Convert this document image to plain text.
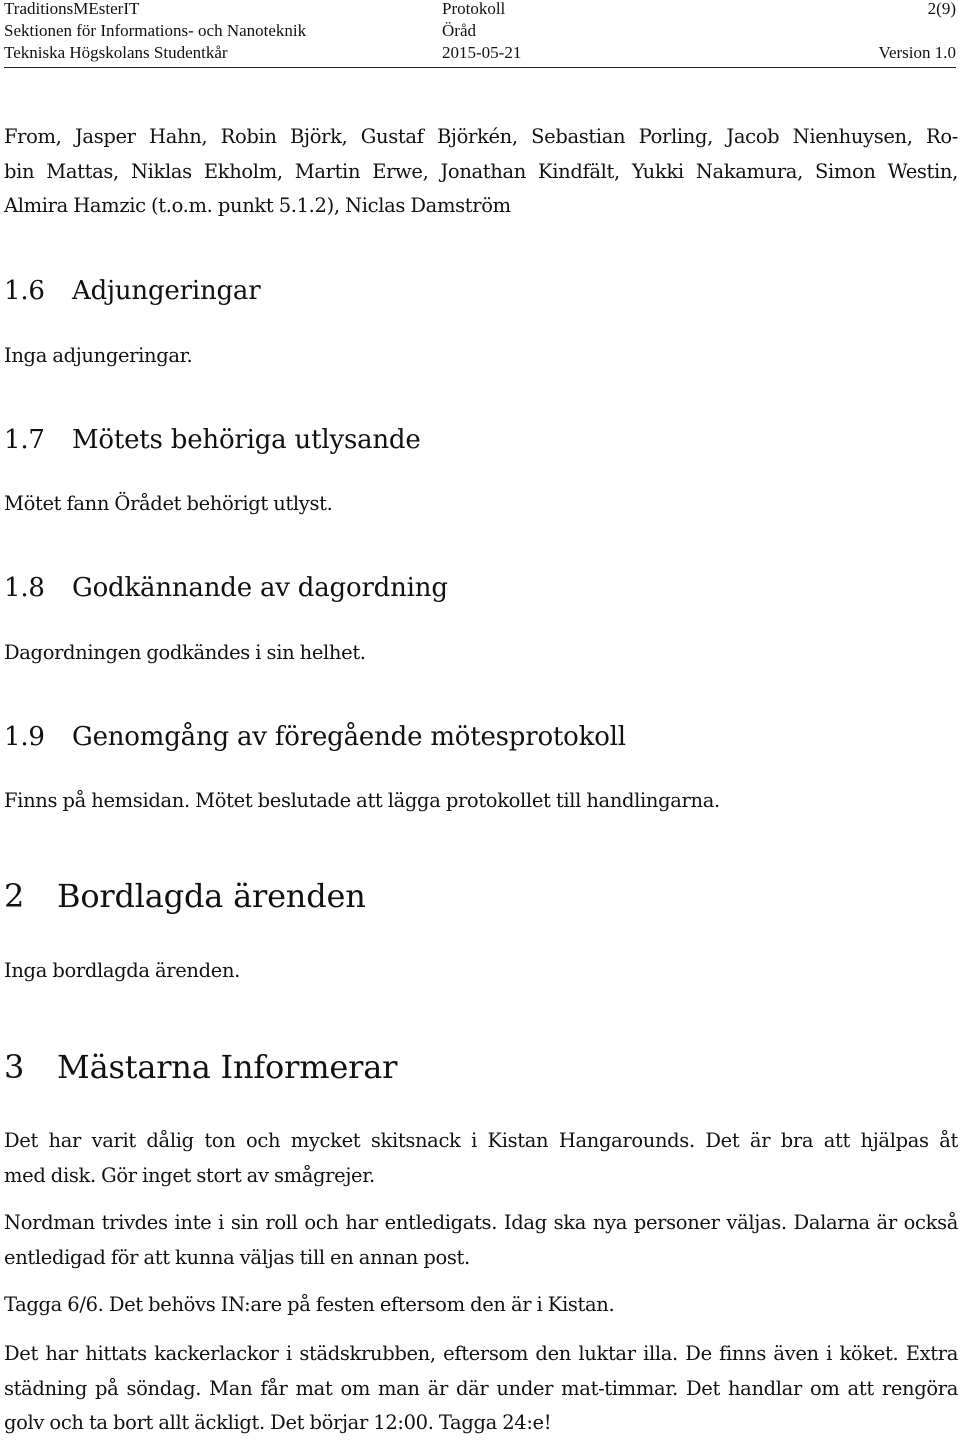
TraditionsMEsterIT	Protokoll	2(9)
Sektionen för Informations- och Nanoteknik	Öråd
Tekniska Högskolans Studentkår	2015-05-21	Version 1.0
From, Jasper Hahn, Robin Björk, Gustaf Björkén, Sebastian Porling, Jacob Nienhuysen, Ro-
bin Mattas, Niklas Ekholm, Martin Erwe, Jonathan Kindfält, Yukki Nakamura, Simon Westin,
Almira Hamzic (t.o.m. punkt 5.1.2), Niclas Damström
1.6 Adjungeringar
Inga adjungeringar.
1.7 Mötets behöriga utlysande
Mötet fann Örådet behörigt utlyst.
1.8 Godkännande av dagordning
Dagordningen godkändes i sin helhet.
1.9 Genomgång av föregående mötesprotokoll
Finns på hemsidan. Mötet beslutade att lägga protokollet till handlingarna.
2 Bordlagda ärenden
Inga bordlagda ärenden.
3 Mästarna Informerar
Det har varit dålig ton och mycket skitsnack i Kistan Hangarounds. Det är bra att hjälpas åt
med disk. Gör inget stort av smågrejer.
Nordman trivdes inte i sin roll och har entledigats. Idag ska nya personer väljas. Dalarna är också
entledigad för att kunna väljas till en annan post.
Tagga 6/6. Det behövs IN:are på festen eftersom den är i Kistan.
Det har hittats kackerlackor i städskrubben, eftersom den luktar illa. De finns även i köket. Extra
städning på söndag. Man får mat om man är där under mat-timmar. Det handlar om att rengöra
golv och ta bort allt äckligt. Det börjar 12:00. Tagga 24:e!
